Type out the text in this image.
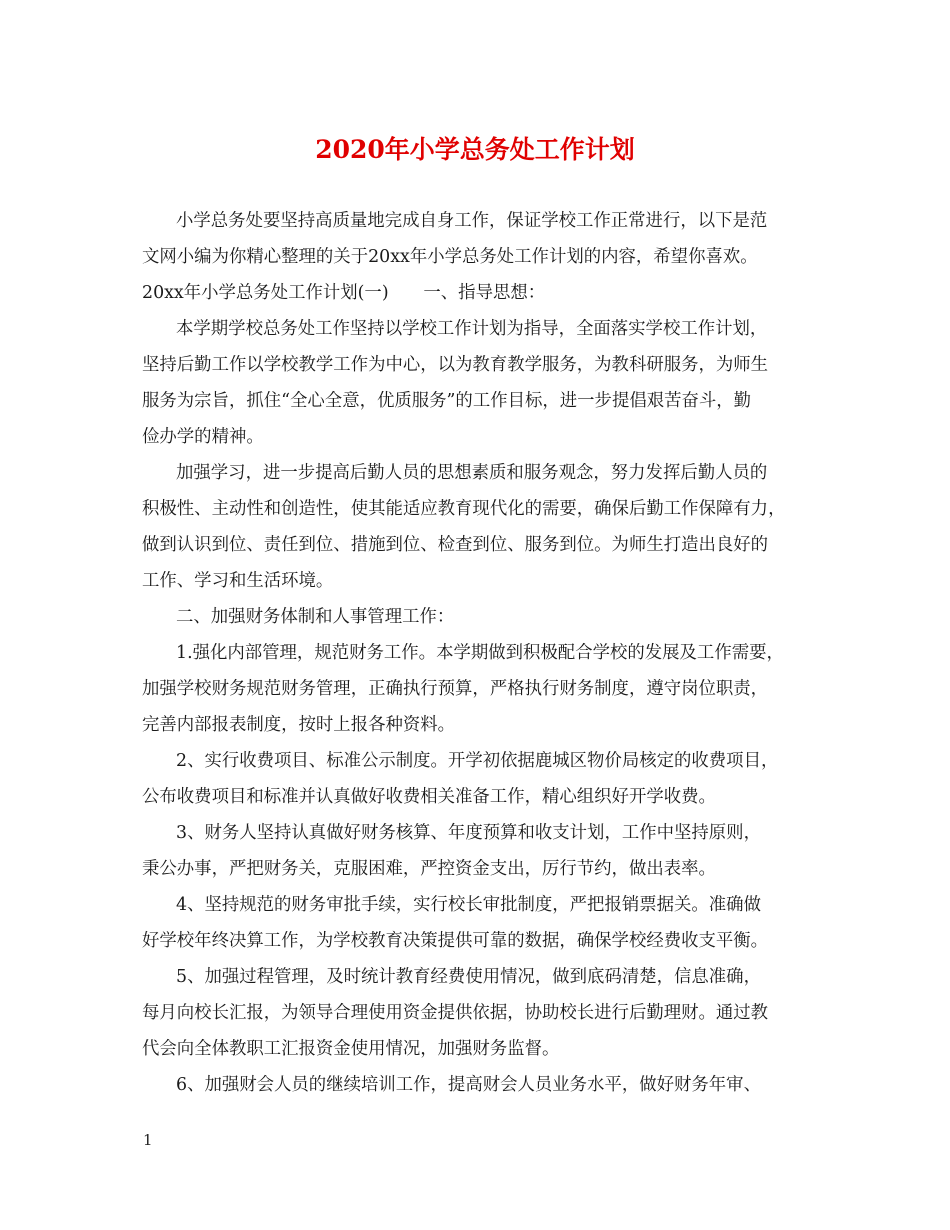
2020年小学总务处工作计划
小学总务处要坚持高质量地完成自身工作，保证学校工作正常进行，以下是范
文网小编为你精心整理的关于20xx年小学总务处工作计划的内容，希望你喜欢。
20xx年小学总务处工作计划(一)　　一、指导思想：
本学期学校总务处工作坚持以学校工作计划为指导，全面落实学校工作计划，
坚持后勤工作以学校教学工作为中心，以为教育教学服务，为教科研服务，为师生
服务为宗旨，抓住“全心全意，优质服务”的工作目标，进一步提倡艰苦奋斗，勤
俭办学的精神。
加强学习，进一步提高后勤人员的思想素质和服务观念，努力发挥后勤人员的
积极性、主动性和创造性，使其能适应教育现代化的需要，确保后勤工作保障有力，
做到认识到位、责任到位、措施到位、检查到位、服务到位。为师生打造出良好的
工作、学习和生活环境。
二、加强财务体制和人事管理工作：
1.强化内部管理，规范财务工作。本学期做到积极配合学校的发展及工作需要，
加强学校财务规范财务管理，正确执行预算，严格执行财务制度，遵守岗位职责，
完善内部报表制度，按时上报各种资料。
2、实行收费项目、标准公示制度。开学初依据鹿城区物价局核定的收费项目，
公布收费项目和标准并认真做好收费相关准备工作，精心组织好开学收费。
3、财务人坚持认真做好财务核算、年度预算和收支计划，工作中坚持原则，
秉公办事，严把财务关，克服困难，严控资金支出，厉行节约，做出表率。
4、坚持规范的财务审批手续，实行校长审批制度，严把报销票据关。准确做
好学校年终决算工作，为学校教育决策提供可靠的数据，确保学校经费收支平衡。
5、加强过程管理，及时统计教育经费使用情况，做到底码清楚，信息准确，
每月向校长汇报，为领导合理使用资金提供依据，协助校长进行后勤理财。通过教
代会向全体教职工汇报资金使用情况，加强财务监督。
6、加强财会人员的继续培训工作，提高财会人员业务水平，做好财务年审、
1
